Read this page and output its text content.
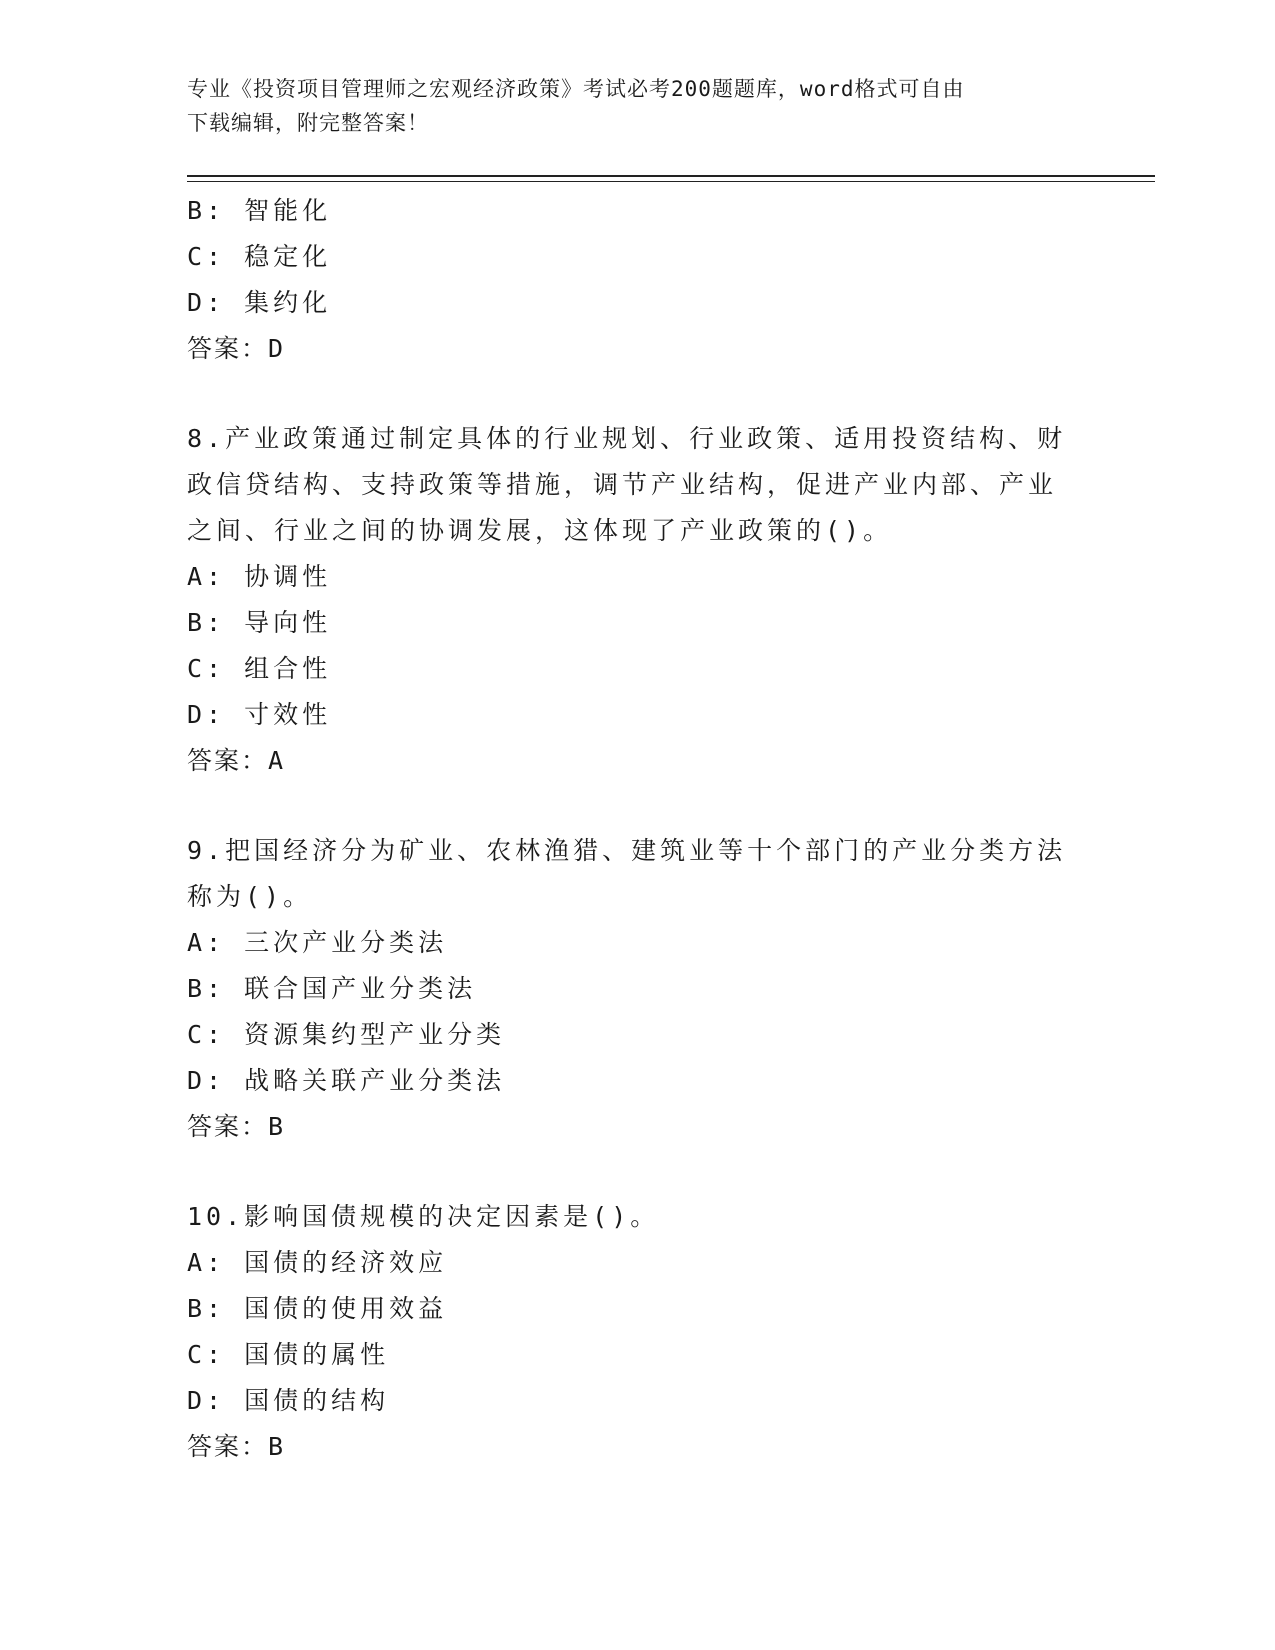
专业《投资项目管理师之宏观经济政策》考试必考200题题库，word格式可自由
下载编辑，附完整答案！
B: 智能化
C: 稳定化
D: 集约化
答案：D
8.产业政策通过制定具体的行业规划、行业政策、适用投资结构、财政信贷结构、支持政策等措施，调节产业结构，促进产业内部、产业之间、行业之间的协调发展，这体现了产业政策的()。
A: 协调性
B: 导向性
C: 组合性
D: 寸效性
答案：A
9.把国经济分为矿业、农林渔猎、建筑业等十个部门的产业分类方法称为()。
A: 三次产业分类法
B: 联合国产业分类法
C: 资源集约型产业分类
D: 战略关联产业分类法
答案：B
10.影响国债规模的决定因素是()。
A: 国债的经济效应
B: 国债的使用效益
C: 国债的属性
D: 国债的结构
答案：B
